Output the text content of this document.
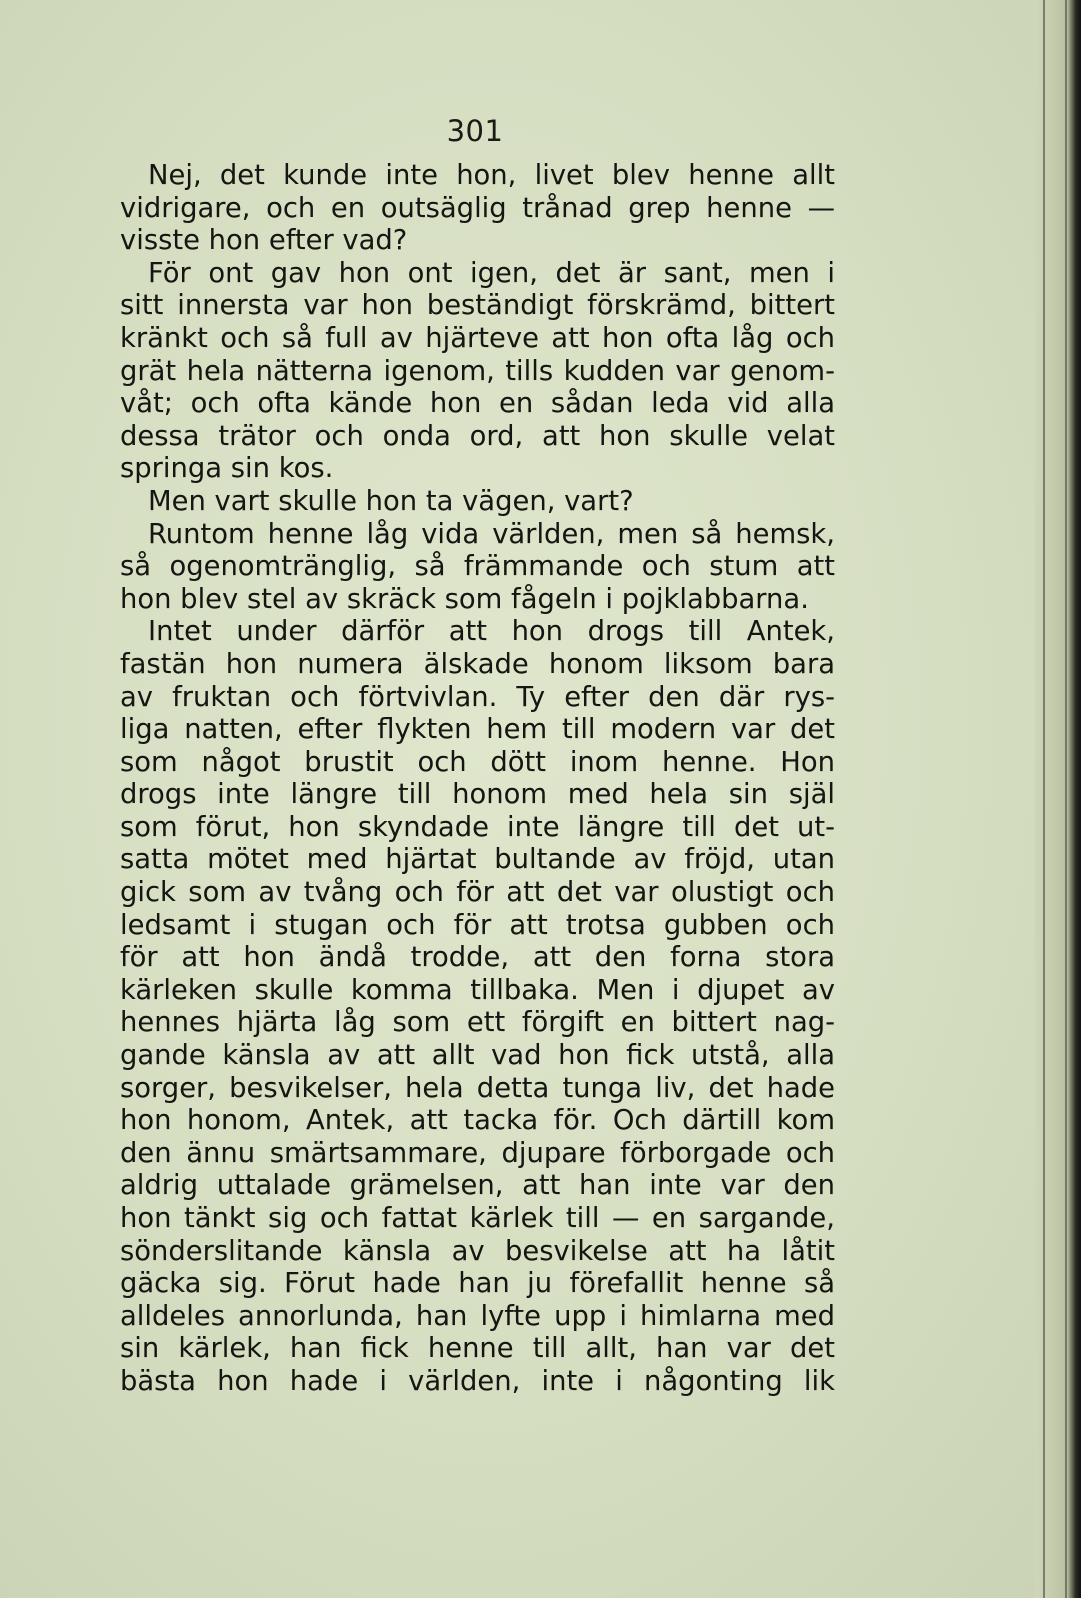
301
Nej, det kunde inte hon, livet blev henne allt
vidrigare, och en outsäglig trånad grep henne —
visste hon efter vad?
För ont gav hon ont igen, det är sant, men i
sitt innersta var hon beständigt förskrämd, bittert
kränkt och så full av hjärteve att hon ofta låg och
grät hela nätterna igenom, tills kudden var genom-
våt; och ofta kände hon en sådan leda vid alla
dessa trätor och onda ord, att hon skulle velat
springa sin kos.
Men vart skulle hon ta vägen, vart?
Runtom henne låg vida världen, men så hemsk,
så ogenomtränglig, så främmande och stum att
hon blev stel av skräck som fågeln i pojklabbarna.
Intet under därför att hon drogs till Antek,
fastän hon numera älskade honom liksom bara
av fruktan och förtvivlan. Ty efter den där rys-
liga natten, efter flykten hem till modern var det
som något brustit och dött inom henne. Hon
drogs inte längre till honom med hela sin själ
som förut, hon skyndade inte längre till det ut-
satta mötet med hjärtat bultande av fröjd, utan
gick som av tvång och för att det var olustigt och
ledsamt i stugan och för att trotsa gubben och
för att hon ändå trodde, att den forna stora
kärleken skulle komma tillbaka. Men i djupet av
hennes hjärta låg som ett förgift en bittert nag-
gande känsla av att allt vad hon fick utstå, alla
sorger, besvikelser, hela detta tunga liv, det hade
hon honom, Antek, att tacka för. Och därtill kom
den ännu smärtsammare, djupare förborgade och
aldrig uttalade grämelsen, att han inte var den
hon tänkt sig och fattat kärlek till — en sargande,
sönderslitande känsla av besvikelse att ha låtit
gäcka sig. Förut hade han ju förefallit henne så
alldeles annorlunda, han lyfte upp i himlarna med
sin kärlek, han fick henne till allt, han var det
bästa hon hade i världen, inte i någonting lik
